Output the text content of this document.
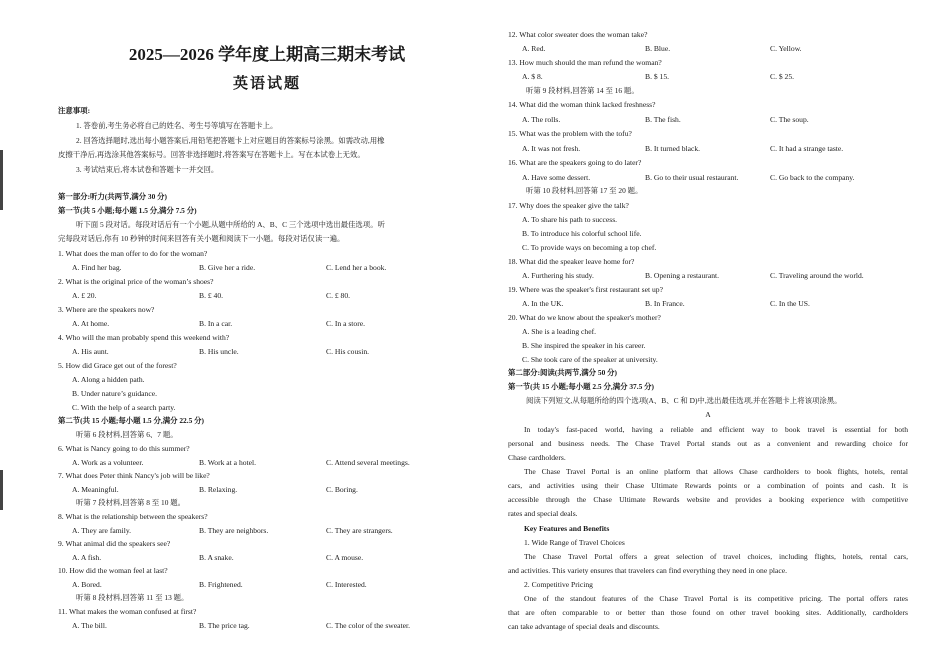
2025—2026 学年度上期高三期末考试
英语试题
注意事项:
1. 答卷前,考生务必将自己的姓名、考生号等填写在答题卡上。
2. 回答选择题时,选出每小题答案后,用铅笔把答题卡上对应题目的答案标号涂黑。如需改动,用橡
皮擦干净后,再选涂其他答案标号。回答非选择题时,将答案写在答题卡上。写在本试卷上无效。
3. 考试结束后,将本试卷和答题卡一并交回。
第一部分:听力(共两节,满分 30 分)
第一节(共 5 小题;每小题 1.5 分,满分 7.5 分)
听下面 5 段对话。每段对话后有一个小题,从题中所给的 A、B、C 三个选项中选出最佳选项。听
完每段对话后,你有 10 秒钟的时间来回答有关小题和阅读下一小题。每段对话仅读一遍。
1. What does the man offer to do for the woman?
A. Find her bag.	B. Give her a ride.	C. Lend her a book.
2. What is the original price of the woman’s shoes?
A. £ 20.	B. £ 40.	C. £ 80.
3. Where are the speakers now?
A. At home.	B. In a car.	C. In a store.
4. Who will the man probably spend this weekend with?
A. His aunt.	B. His uncle.	C. His cousin.
5. How did Grace get out of the forest?
A. Along a hidden path.
B. Under nature’s guidance.
C. With the help of a search party.
第二节(共 15 小题;每小题 1.5 分,满分 22.5 分)
听第 6 段材料,回答第 6、7 题。
6. What is Nancy going to do this summer?
A. Work as a volunteer.	B. Work at a hotel.	C. Attend several meetings.
7. What does Peter think Nancy's job will be like?
A. Meaningful.	B. Relaxing.	C. Boring.
听第 7 段材料,回答第 8 至 10 题。
8. What is the relationship between the speakers?
A. They are family.	B. They are neighbors.	C. They are strangers.
9. What animal did the speakers see?
A. A fish.	B. A snake.	C. A mouse.
10. How did the woman feel at last?
A. Bored.	B. Frightened.	C. Interested.
听第 8 段材料,回答第 11 至 13 题。
11. What makes the woman confused at first?
A. The bill.	B. The price tag.	C. The color of the sweater.
12. What color sweater does the woman take?
A. Red.	B. Blue.	C. Yellow.
13. How much should the man refund the woman?
A. $ 8.	B. $ 15.	C. $ 25.
听第 9 段材料,回答第 14 至 16 题。
14. What did the woman think lacked freshness?
A. The rolls.	B. The fish.	C. The soup.
15. What was the problem with the tofu?
A. It was not fresh.	B. It turned black.	C. It had a strange taste.
16. What are the speakers going to do later?
A. Have some dessert.	B. Go to their usual restaurant.	C. Go back to the company.
听第 10 段材料,回答第 17 至 20 题。
17. Why does the speaker give the talk?
A. To share his path to success.
B. To introduce his colorful school life.
C. To provide ways on becoming a top chef.
18. What did the speaker leave home for?
A. Furthering his study.	B. Opening a restaurant.	C. Traveling around the world.
19. Where was the speaker's first restaurant set up?
A. In the UK.	B. In France.	C. In the US.
20. What do we know about the speaker's mother?
A. She is a leading chef.
B. She inspired the speaker in his career.
C. She took care of the speaker at university.
第二部分:阅读(共两节,满分 50 分)
第一节(共 15 小题;每小题 2.5 分,满分 37.5 分)
阅读下列短文,从每题所给的四个选项(A、B、C 和 D)中,选出最佳选项,并在答题卡上将该项涂黑。
A
In today's fast-paced world, having a reliable and efficient way to book travel is essential for both
personal and business needs. The Chase Travel Portal stands out as a convenient and rewarding choice for
Chase cardholders.
The Chase Travel Portal is an online platform that allows Chase cardholders to book flights, hotels, rental
cars, and activities using their Chase Ultimate Rewards points or a combination of points and cash. It is
accessible through the Chase Ultimate Rewards website and provides a booking experience with competitive
rates and special deals.
Key Features and Benefits
1. Wide Range of Travel Choices
The Chase Travel Portal offers a great selection of travel choices, including flights, hotels, rental cars,
and activities. This variety ensures that travelers can find everything they need in one place.
2. Competitive Pricing
One of the standout features of the Chase Travel Portal is its competitive pricing. The portal offers rates
that are often comparable to or better than those found on other travel booking sites. Additionally, cardholders
can take advantage of special deals and discounts.
